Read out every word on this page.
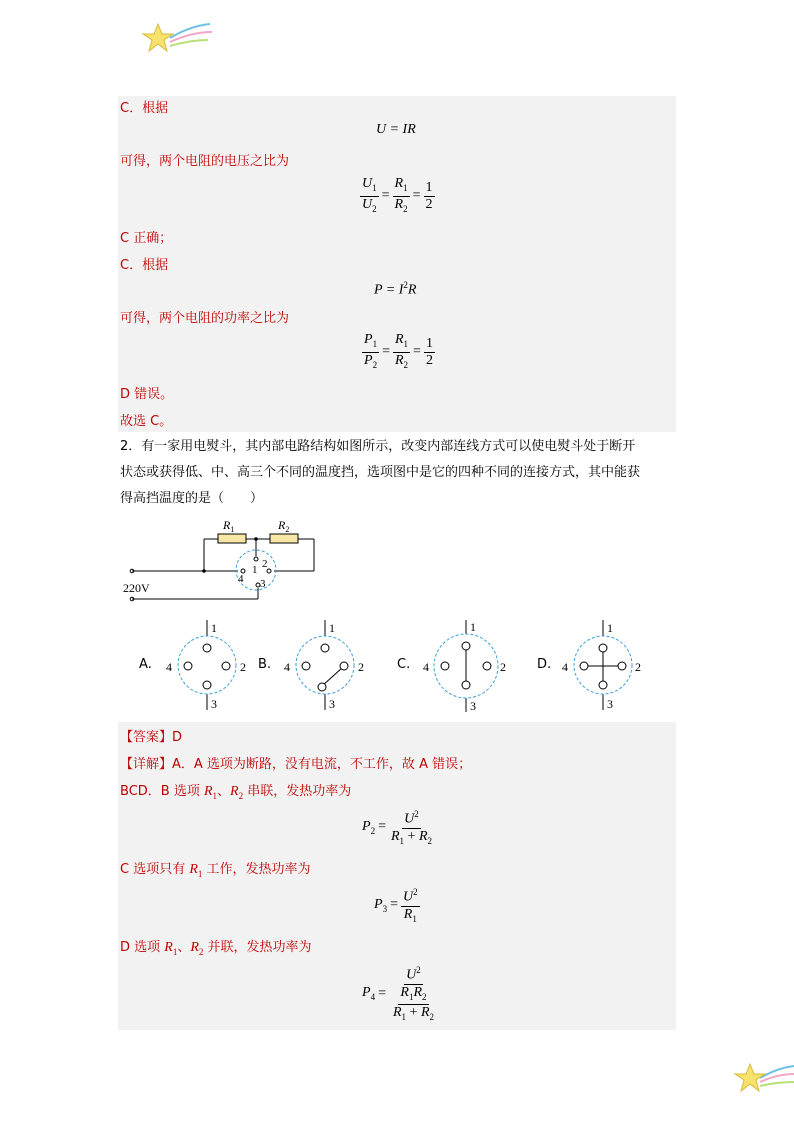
C．根据
U = IR
可得，两个电阻的电压之比为
$\frac{U_1}{U_2} = \frac{R_1}{R_2} = \frac{1}{2}$
C 正确；
C．根据
$P = I^2R$
可得，两个电阻的功率之比为
$\frac{P_1}{P_2} = \frac{R_1}{R_2} = \frac{1}{2}$
D 错误。
故选 C。
2．有一家用电熨斗，其内部电路结构如图所示，改变内部连线方式可以使电熨斗处于断开
状态或获得低、中、高三个不同的温度挡，选项图中是它的四种不同的连接方式，其中能获
得高挡温度的是（　　）
$R_1$	$R_2$
1 2
3
4
220V
A.
1
2
3
4	B.
1
2
3
4	C.
1
2
3
4	D.
1
2
3
4
【答案】D
【详解】A．A 选项为断路，没有电流，不工作，故 A 错误；
BCD．B 选项 $R_1$、$R_2$ 串联，发热功率为
$P_2 = \frac{U^2}{R_1 + R_2}$
C 选项只有 $R_1$ 工作，发热功率为
$P_3 = \frac{U^2}{R_1}$
D 选项 $R_1$、$R_2$ 并联，发热功率为
$P_4 = \frac{U^2}{\frac{R_1R_2}{R_1 + R_2}}$
